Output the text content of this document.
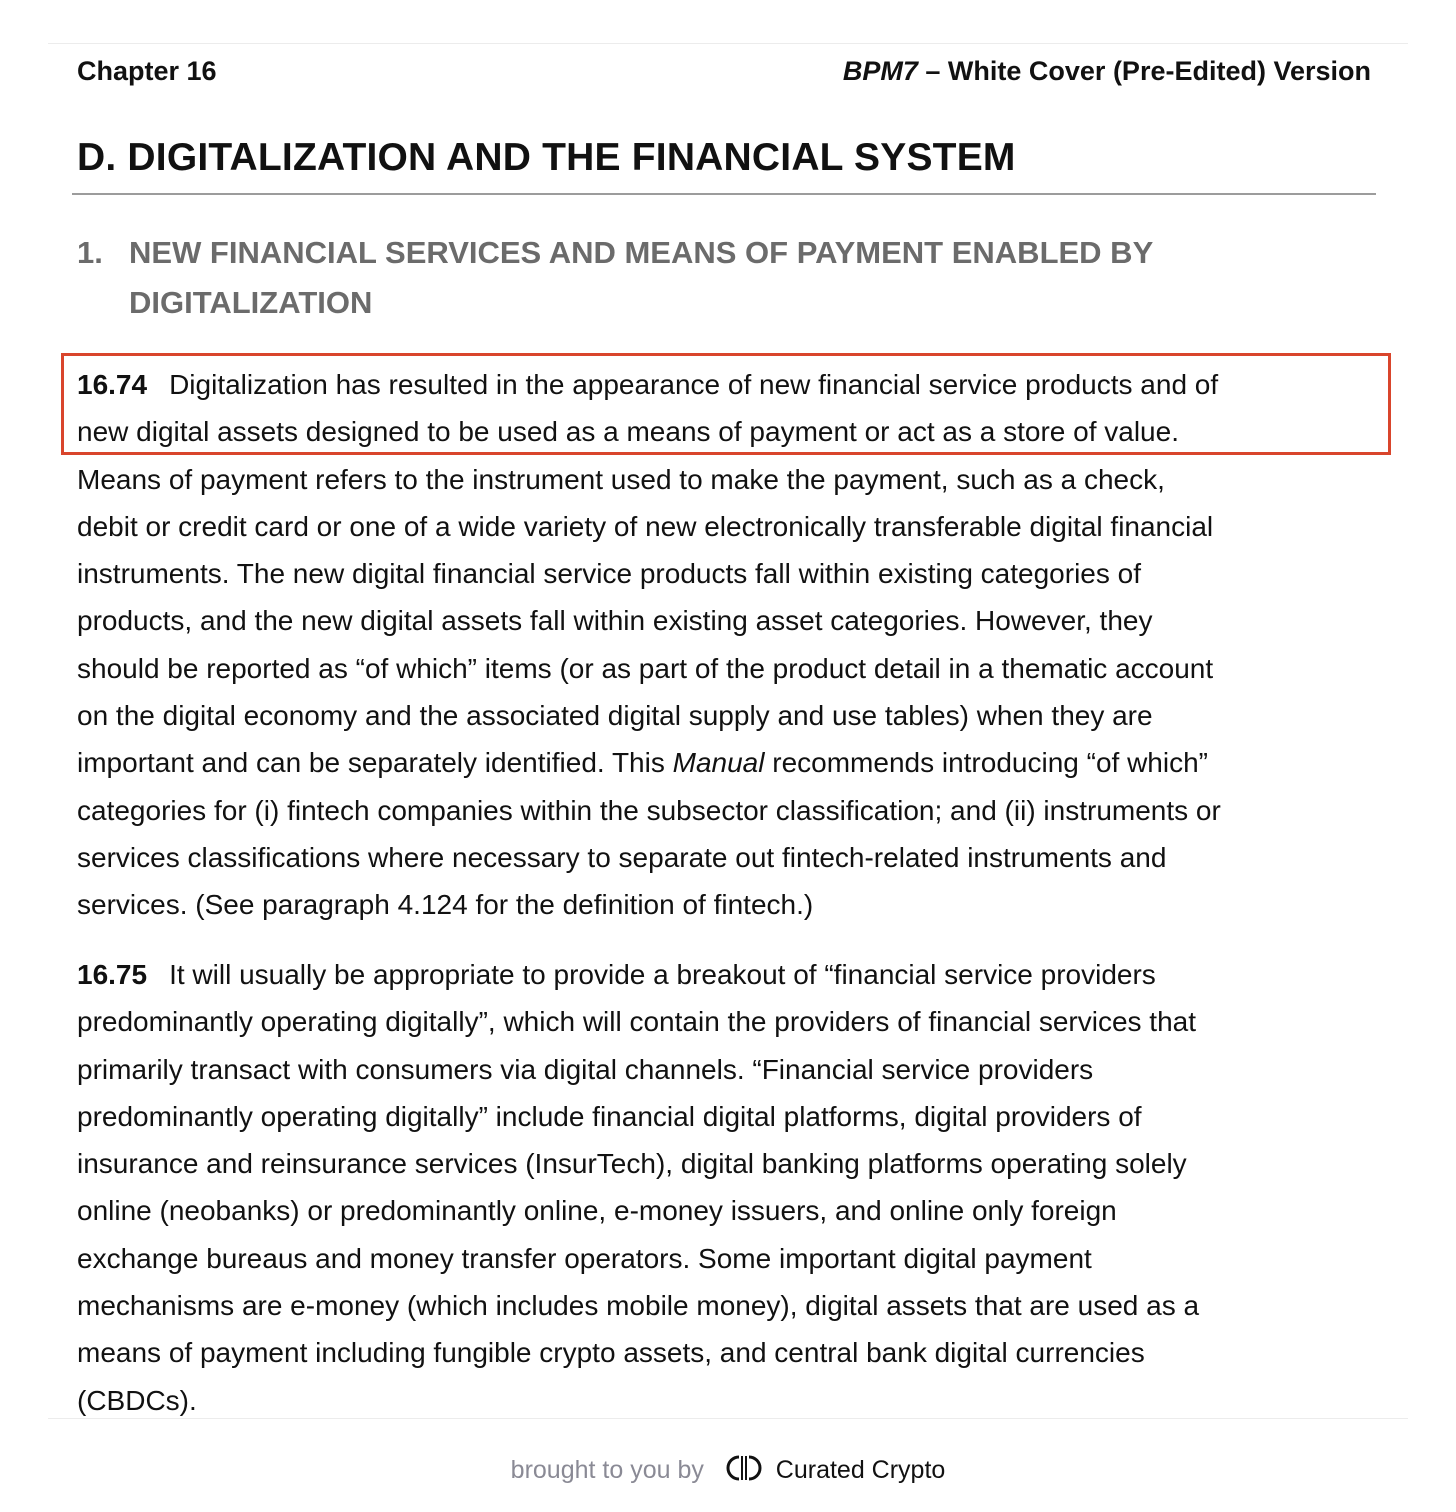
Chapter 16	BPM7 – White Cover (Pre-Edited) Version
D. DIGITALIZATION AND THE FINANCIAL SYSTEM
1. NEW FINANCIAL SERVICES AND MEANS OF PAYMENT ENABLED BY
DIGITALIZATION
16.74 Digitalization has resulted in the appearance of new financial service products and of
new digital assets designed to be used as a means of payment or act as a store of value.
Means of payment refers to the instrument used to make the payment, such as a check,
debit or credit card or one of a wide variety of new electronically transferable digital financial
instruments. The new digital financial service products fall within existing categories of
products, and the new digital assets fall within existing asset categories. However, they
should be reported as “of which” items (or as part of the product detail in a thematic account
on the digital economy and the associated digital supply and use tables) when they are
important and can be separately identified. This Manual recommends introducing “of which”
categories for (i) fintech companies within the subsector classification; and (ii) instruments or
services classifications where necessary to separate out fintech-related instruments and
services. (See paragraph 4.124 for the definition of fintech.)
16.75 It will usually be appropriate to provide a breakout of “financial service providers
predominantly operating digitally”, which will contain the providers of financial services that
primarily transact with consumers via digital channels. “Financial service providers
predominantly operating digitally” include financial digital platforms, digital providers of
insurance and reinsurance services (InsurTech), digital banking platforms operating solely
online (neobanks) or predominantly online, e-money issuers, and online only foreign
exchange bureaus and money transfer operators. Some important digital payment
mechanisms are e-money (which includes mobile money), digital assets that are used as a
means of payment including fungible crypto assets, and central bank digital currencies
(CBDCs).
brought to you by	Curated Crypto
